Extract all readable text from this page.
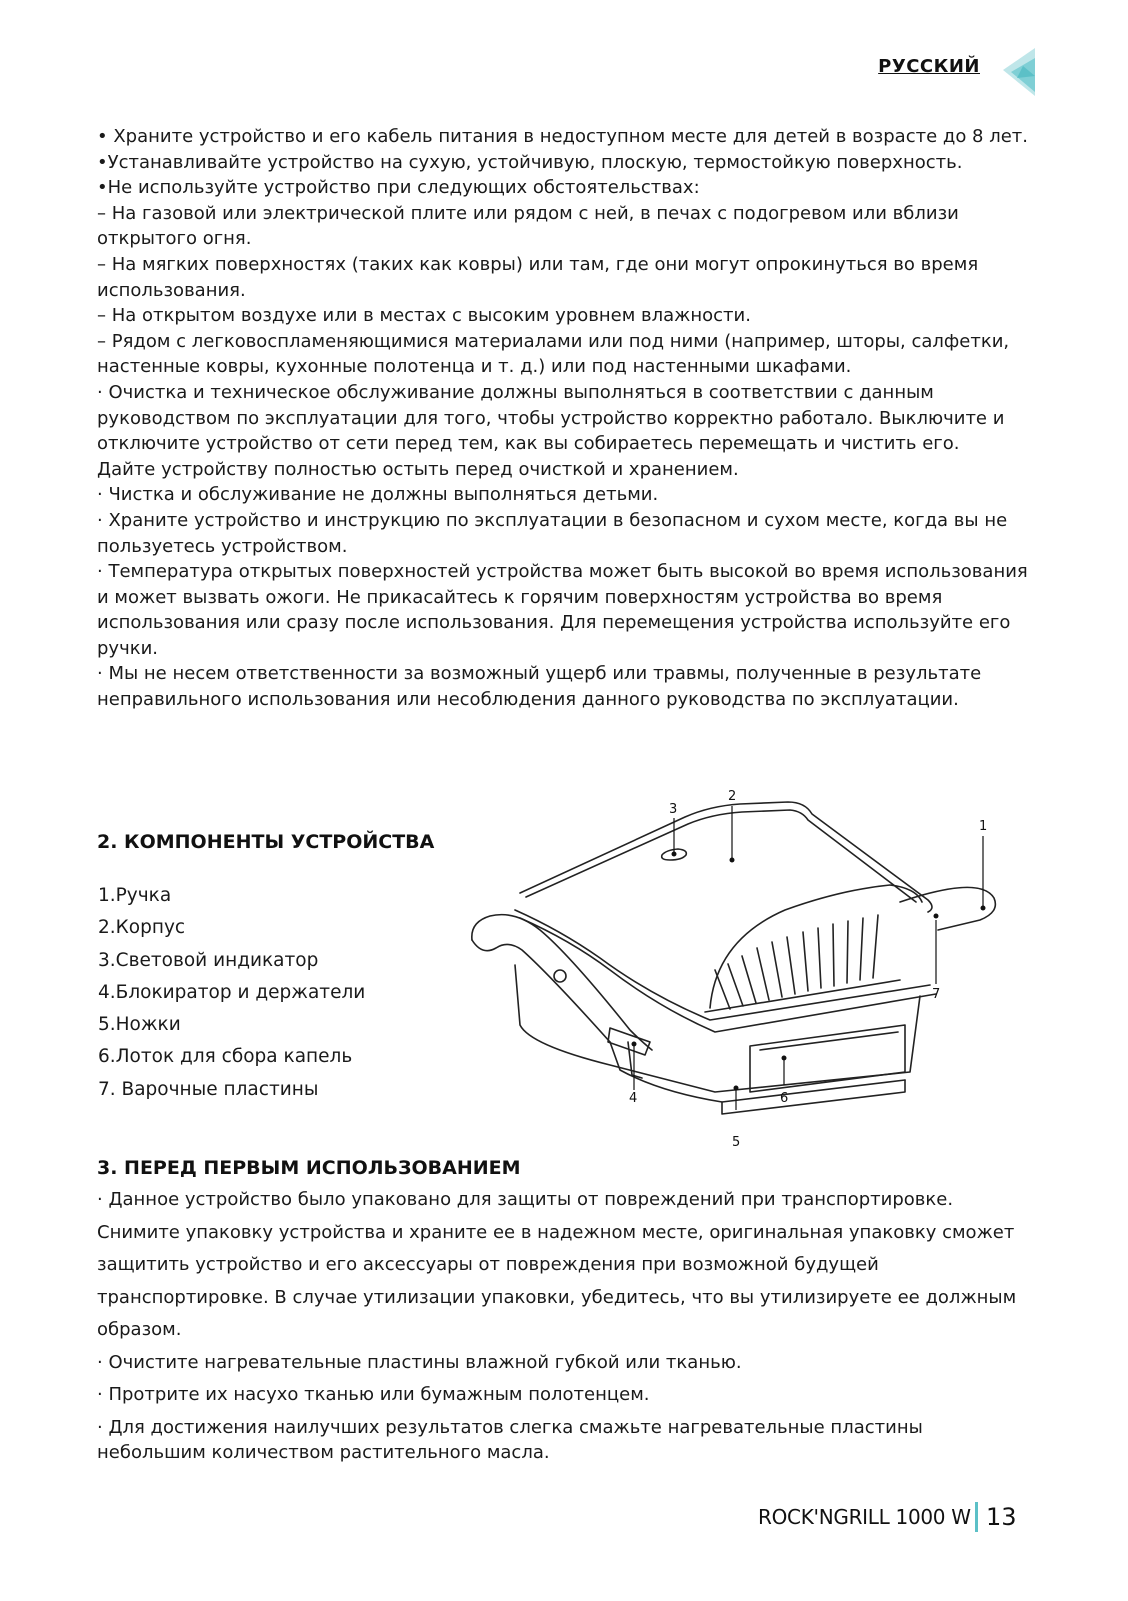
РУССКИЙ

• Храните устройство и его кабель питания в недоступном месте для детей в возрасте до 8 лет.

•Устанавливайте устройство на сухую, устойчивую, плоскую, термостойкую поверхность.

•Не используйте устройство при следующих обстоятельствах:

– На газовой или электрической плите или рядом с ней, в печах с подогревом или вблизи открытого огня.

– На мягких поверхностях (таких как ковры) или там, где они могут опрокинуться во время использования.

– На открытом воздухе или в местах с высоким уровнем влажности.

– Рядом с легковоспламеняющимися материалами или под ними (например, шторы, салфетки, настенные ковры, кухонные полотенца и т. д.) или под настенными шкафами.

· Очистка и техническое обслуживание должны выполняться в соответствии с данным руководством по эксплуатации для того, чтобы устройство корректно работало. Выключите и отключите устройство от сети перед тем, как вы собираетесь перемещать и чистить его.

Дайте устройству полностью остыть перед очисткой и хранением.

· Чистка и обслуживание не должны выполняться детьми.

· Храните устройство и инструкцию по эксплуатации в безопасном и сухом месте, когда вы не пользуетесь устройством.

· Температура открытых поверхностей устройства может быть высокой во время использования и может вызвать ожоги. Не прикасайтесь к горячим поверхностям устройства во время использования или сразу после использования. Для перемещения устройства используйте его ручки.

· Мы не несем ответственности за возможный ущерб или травмы, полученные в результате неправильного использования или несоблюдения данного руководства по эксплуатации.

2. КОМПОНЕНТЫ УСТРОЙСТВА
1.Ручка
2.Корпус
3.Световой индикатор
4.Блокиратор и держатели
5.Ножки
6.Лоток для сбора капель
7. Варочные пластины
1
2
3
4
5
6
7
3. ПЕРЕД ПЕРВЫМ ИСПОЛЬЗОВАНИЕМ

· Данное устройство было упаковано для защиты от повреждений при транспортировке. Снимите упаковку устройства и храните ее в надежном месте, оригинальная упаковку сможет защитить устройство и его аксессуары от повреждения при возможной будущей транспортировке. В случае утилизации упаковки, убедитесь, что вы утилизируете ее должным образом.

· Очистите нагревательные пластины влажной губкой или тканью.

· Протрите их насухо тканью или бумажным полотенцем.

· Для достижения наилучших результатов слегка смажьте нагревательные пластины небольшим количеством растительного масла.

ROCK'NGRILL 1000 W 13
